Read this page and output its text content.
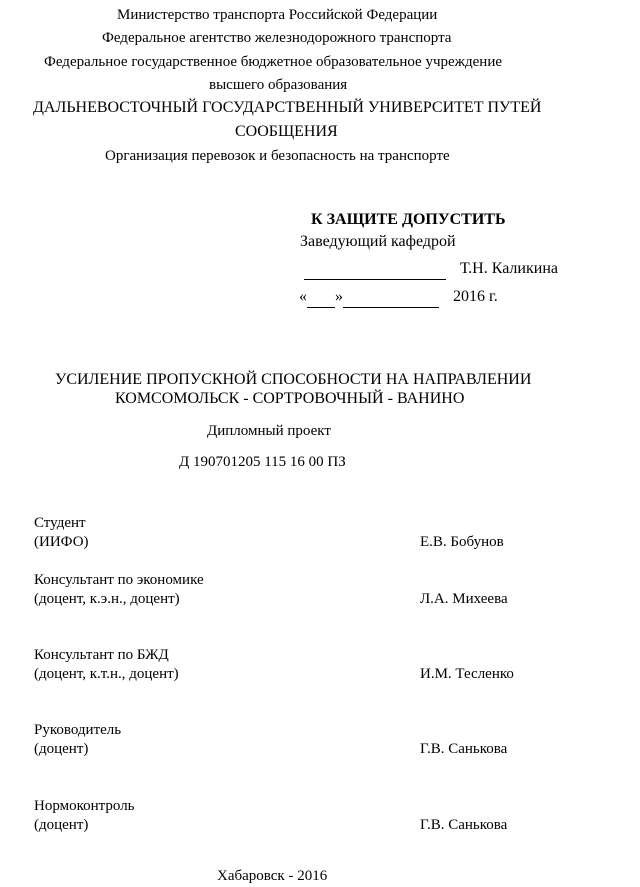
Министерство транспорта Российской Федерации
Федеральное агентство железнодорожного транспорта
Федеральное государственное бюджетное образовательное учреждение
высшего образования
ДАЛЬНЕВОСТОЧНЫЙ ГОСУДАРСТВЕННЫЙ УНИВЕРСИТЕТ ПУТЕЙ
СООБЩЕНИЯ
Организация перевозок и безопасность на транспорте
К ЗАЩИТЕ ДОПУСТИТЬ
Заведующий кафедрой
Т.Н. Каликина
« »	2016 г.
УСИЛЕНИЕ ПРОПУСКНОЙ СПОСОБНОСТИ НА НАПРАВЛЕНИИ
КОМСОМОЛЬСК - СОРТРОВОЧНЫЙ - ВАНИНО
Дипломный проект
Д 190701205 115 16 00 ПЗ
Студент
(ИИФО)	Е.В. Бобунов
Консультант по экономике
(доцент, к.э.н., доцент)	Л.А. Михеева
Консультант по БЖД
(доцент, к.т.н., доцент)	И.М. Тесленко
Руководитель
(доцент)	Г.В. Санькова
Нормоконтроль
(доцент)	Г.В. Санькова
Хабаровск - 2016
